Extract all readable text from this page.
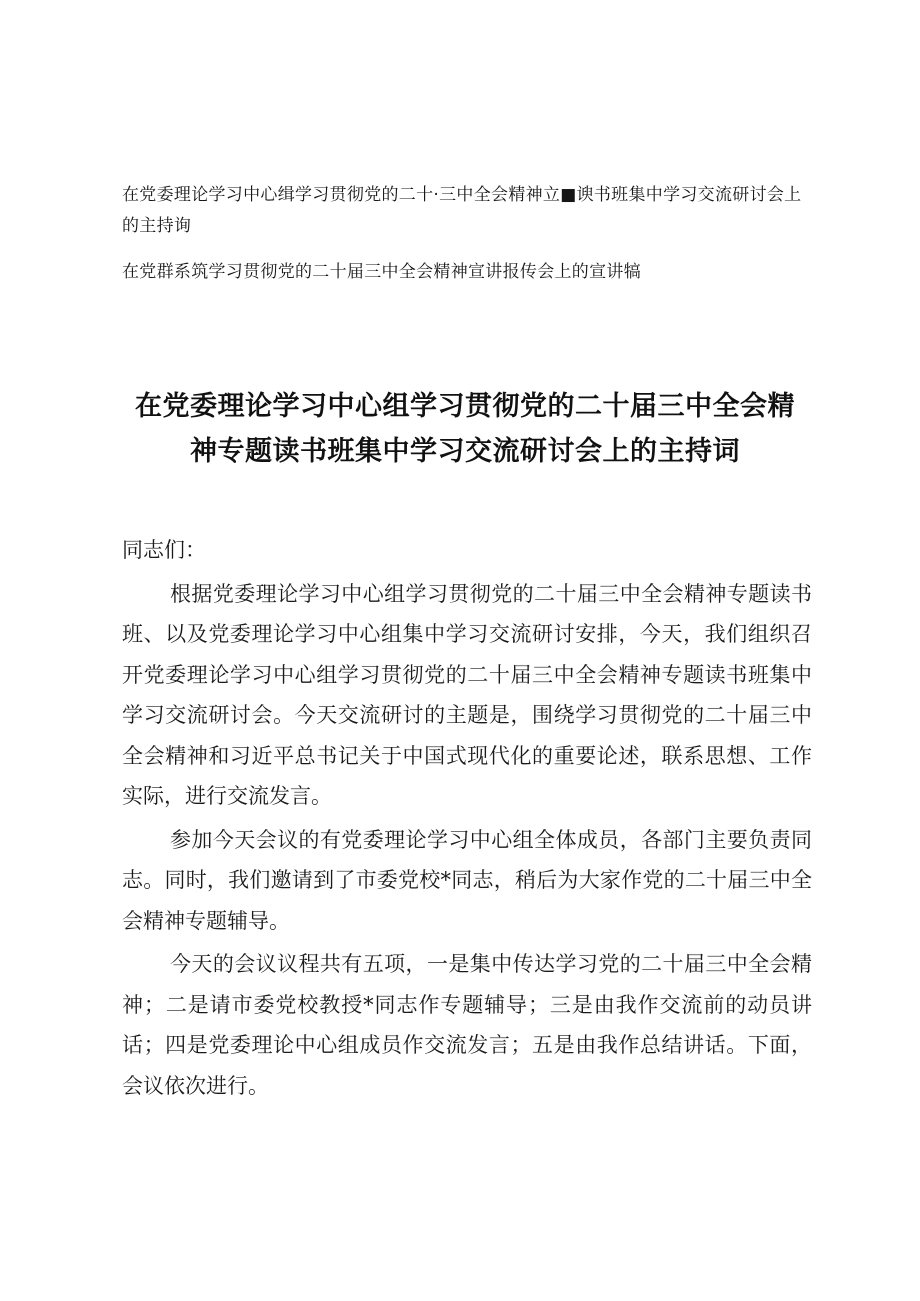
在党委理论学习中心缉学习贯彻党的二十·三中全会精神立■谀书班集中学习交流研讨会上的主持询
在党群系筑学习贯彻党的二十届三中全会精神宣讲报传会上的宣讲犒
在党委理论学习中心组学习贯彻党的二十届三中全会精
神专题读书班集中学习交流研讨会上的主持词

同志们：

根据党委理论学习中心组学习贯彻党的二十届三中全会精神专题读书班、以及党委理论学习中心组集中学习交流研讨安排，今天，我们组织召开党委理论学习中心组学习贯彻党的二十届三中全会精神专题读书班集中学习交流研讨会。今天交流研讨的主题是，围绕学习贯彻党的二十届三中全会精神和习近平总书记关于中国式现代化的重要论述，联系思想、工作实际，进行交流发言。

参加今天会议的有党委理论学习中心组全体成员，各部门主要负责同志。同时，我们邀请到了市委党校*同志，稍后为大家作党的二十届三中全会精神专题辅导。

今天的会议议程共有五项，一是集中传达学习党的二十届三中全会精神；二是请市委党校教授*同志作专题辅导；三是由我作交流前的动员讲话；四是党委理论中心组成员作交流发言；五是由我作总结讲话。下面，会议依次进行。
